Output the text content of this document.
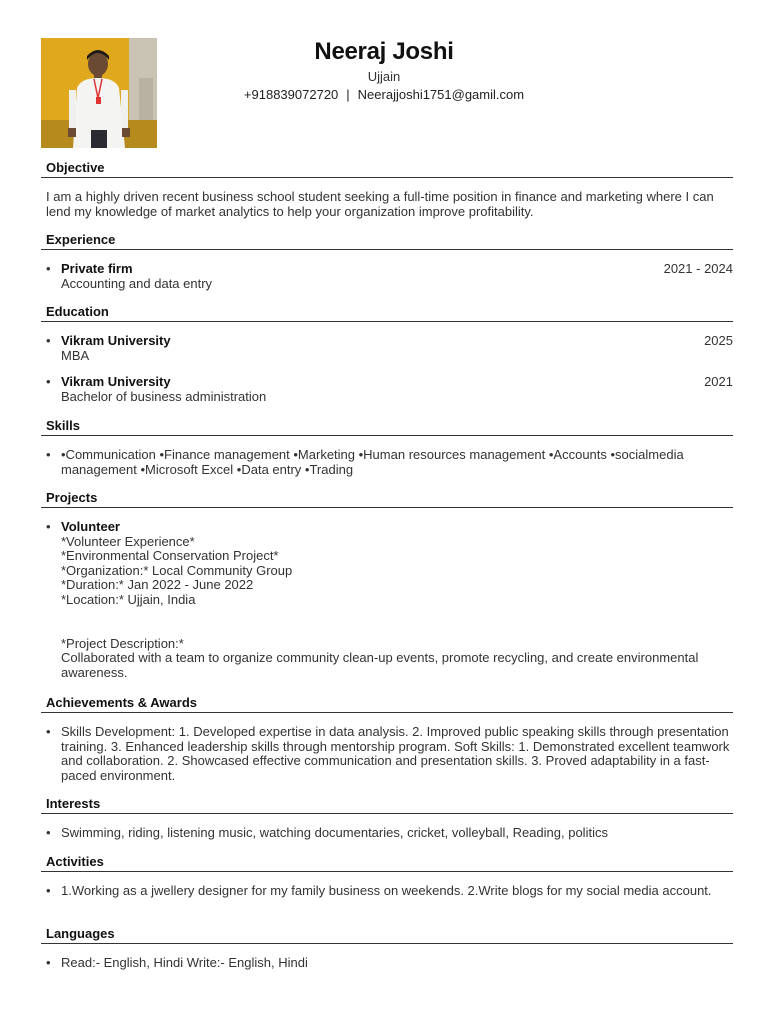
Neeraj Joshi
Ujjain
+918839072720 | Neerajjoshi1751@gamil.com
Objective
I am a highly driven recent business school student seeking a full-time position in finance and marketing where I can lend my knowledge of market analytics to help your organization improve profitability.
Experience
• Private firm	2021 - 2024
Accounting and data entry
Education
• Vikram University	2025
MBA
• Vikram University	2021
Bachelor of business administration
Skills
• •Communication •Finance management •Marketing •Human resources management •Accounts •socialmedia management •Microsoft Excel •Data entry •Trading
Projects
• Volunteer
*Volunteer Experience*
*Environmental Conservation Project*
*Organization:* Local Community Group
*Duration:* Jan 2022 - June 2022
*Location:* Ujjain, India
*Project Description:*
Collaborated with a team to organize community clean-up events, promote recycling, and create environmental awareness.
Achievements & Awards
• Skills Development: 1. Developed expertise in data analysis. 2. Improved public speaking skills through presentation training. 3. Enhanced leadership skills through mentorship program. Soft Skills: 1. Demonstrated excellent teamwork and collaboration. 2. Showcased effective communication and presentation skills. 3. Proved adaptability in a fast-paced environment.
Interests
• Swimming, riding, listening music, watching documentaries, cricket, volleyball, Reading, politics
Activities
• 1.Working as a jwellery designer for my family business on weekends. 2.Write blogs for my social media account.
Languages
• Read:- English, Hindi Write:- English, Hindi
